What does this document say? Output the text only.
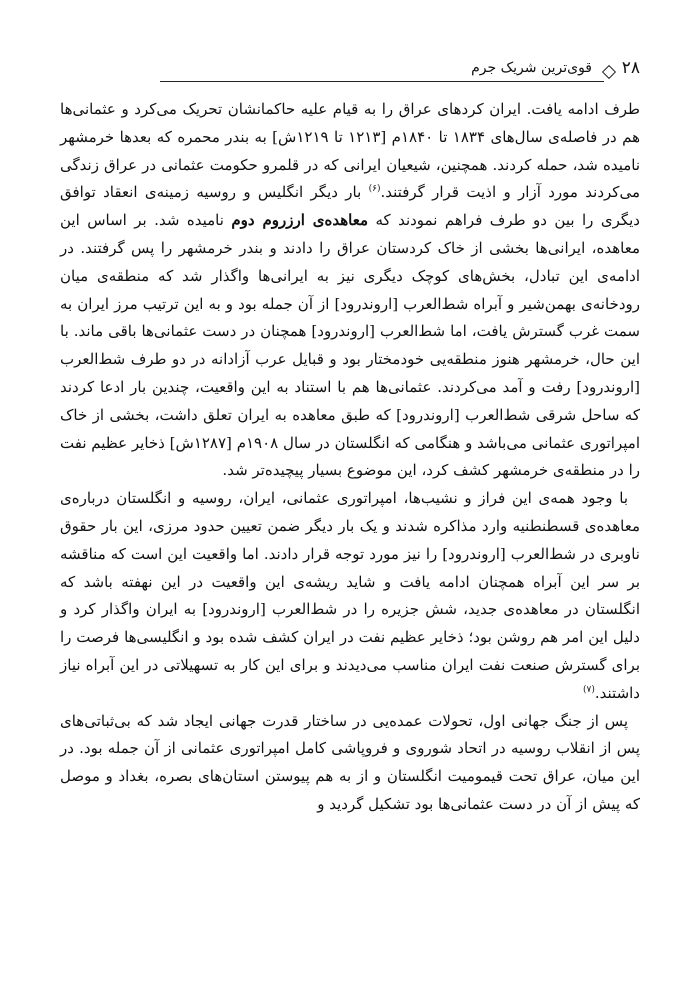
۲۸
قوی‌ترین شریک جرم

طرف ادامه یافت. ایران کردهای عراق را به قیام علیه حاکمانشان تحریک می‌کرد و عثمانی‌ها هم در فاصله‌ی سال‌های ۱۸۳۴ تا ۱۸۴۰م [۱۲۱۳ تا ۱۲۱۹ش] به بندر محمره که بعدها خرمشهر نامیده شد، حمله کردند. همچنین، شیعیان ایرانی که در قلمرو حکومت عثمانی در عراق زندگی می‌کردند مورد آزار و اذیت قرار گرفتند.$^{(۶)}$ بار دیگر انگلیس و روسیه زمینه‌ی انعقاد توافق دیگری را بین دو طرف فراهم نمودند که معاهده‌ی ارزروم دوم نامیده شد. بر اساس این معاهده، ایرانی‌ها بخشی از خاک کردستان عراق را دادند و بندر خرمشهر را پس گرفتند. در ادامه‌ی این تبادل، بخش‌های کوچک دیگری نیز به ایرانی‌ها واگذار شد که منطقه‌ی میان رودخانه‌ی بهمن‌شیر و آبراه شط‌العرب [اروندرود] از آن جمله بود و به این ترتیب مرز ایران به سمت غرب گسترش یافت، اما شط‌العرب [اروندرود] همچنان در دست عثمانی‌ها باقی ماند. با این حال، خرمشهر هنوز منطقه‌یی خودمختار بود و قبایل عرب آزادانه در دو طرف شط‌العرب [اروندرود] رفت و آمد می‌کردند. عثمانی‌ها هم با استناد به این واقعیت، چندین بار ادعا کردند که ساحل شرقی شط‌العرب [اروندرود] که طبق معاهده به ایران تعلق داشت، بخشی از خاک امپراتوری عثمانی می‌باشد و هنگامی که انگلستان در سال ۱۹۰۸م [۱۲۸۷ش] ذخایر عظیم نفت را در منطقه‌ی خرمشهر کشف کرد، این موضوع بسیار پیچیده‌تر شد.

با وجود همه‌ی این فراز و نشیب‌ها، امپراتوری عثمانی، ایران، روسیه و انگلستان درباره‌ی معاهده‌ی قسطنطنیه وارد مذاکره شدند و یک بار دیگر ضمن تعیین حدود مرزی، این بار حقوق ناوبری در شط‌العرب [اروندرود] را نیز مورد توجه قرار دادند. اما واقعیت این است که مناقشه بر سر این آبراه همچنان ادامه یافت و شاید ریشه‌ی این واقعیت در این نهفته باشد که انگلستان در معاهده‌ی جدید، شش جزیره را در شط‌العرب [اروندرود] به ایران واگذار کرد و دلیل این امر هم روشن بود؛ ذخایر عظیم نفت در ایران کشف شده بود و انگلیسی‌ها فرصت را برای گسترش صنعت نفت ایران مناسب می‌دیدند و برای این کار به تسهیلاتی در این آبراه نیاز داشتند.$^{(۷)}$

پس از جنگ جهانی اول، تحولات عمده‌یی در ساختار قدرت جهانی ایجاد شد که بی‌ثباتی‌های پس از انقلاب روسیه در اتحاد شوروی و فروپاشی کامل امپراتوری عثمانی از آن جمله بود. در این میان، عراق تحت قیمومیت انگلستان و از به هم پیوستن استان‌های بصره، بغداد و موصل که پیش از آن در دست عثمانی‌ها بود تشکیل گردید و
